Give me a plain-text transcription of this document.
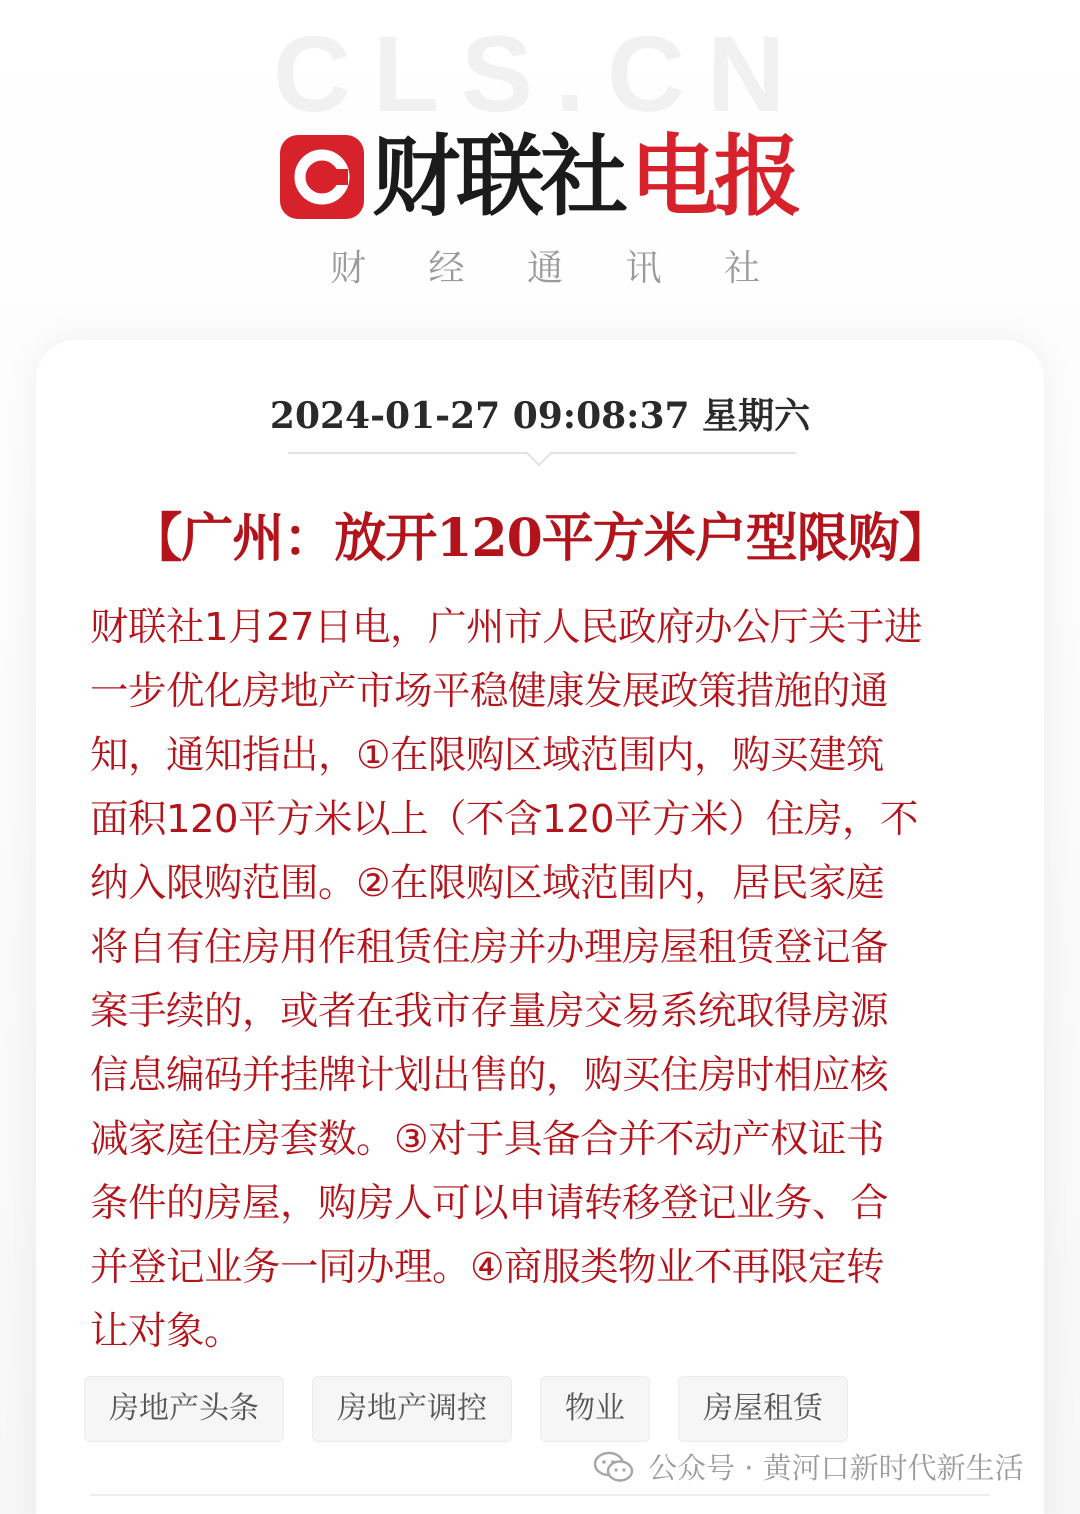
CLS.CN
财联社 电报
财 经 通 讯 社
2024-01-27 09:08:37 星期六
【广州：放开120平方米户型限购】
财联社1月27日电，广州市人民政府办公厅关于进
一步优化房地产市场平稳健康发展政策措施的通
知，通知指出，①在限购区域范围内，购买建筑
面积120平方米以上（不含120平方米）住房，不
纳入限购范围。②在限购区域范围内，居民家庭
将自有住房用作租赁住房并办理房屋租赁登记备
案手续的，或者在我市存量房交易系统取得房源
信息编码并挂牌计划出售的，购买住房时相应核
减家庭住房套数。③对于具备合并不动产权证书
条件的房屋，购房人可以申请转移登记业务、合
并登记业务一同办理。④商服类物业不再限定转
让对象。
房地产头条	房地产调控	物业	房屋租赁
公众号 · 黄河口新时代新生活
